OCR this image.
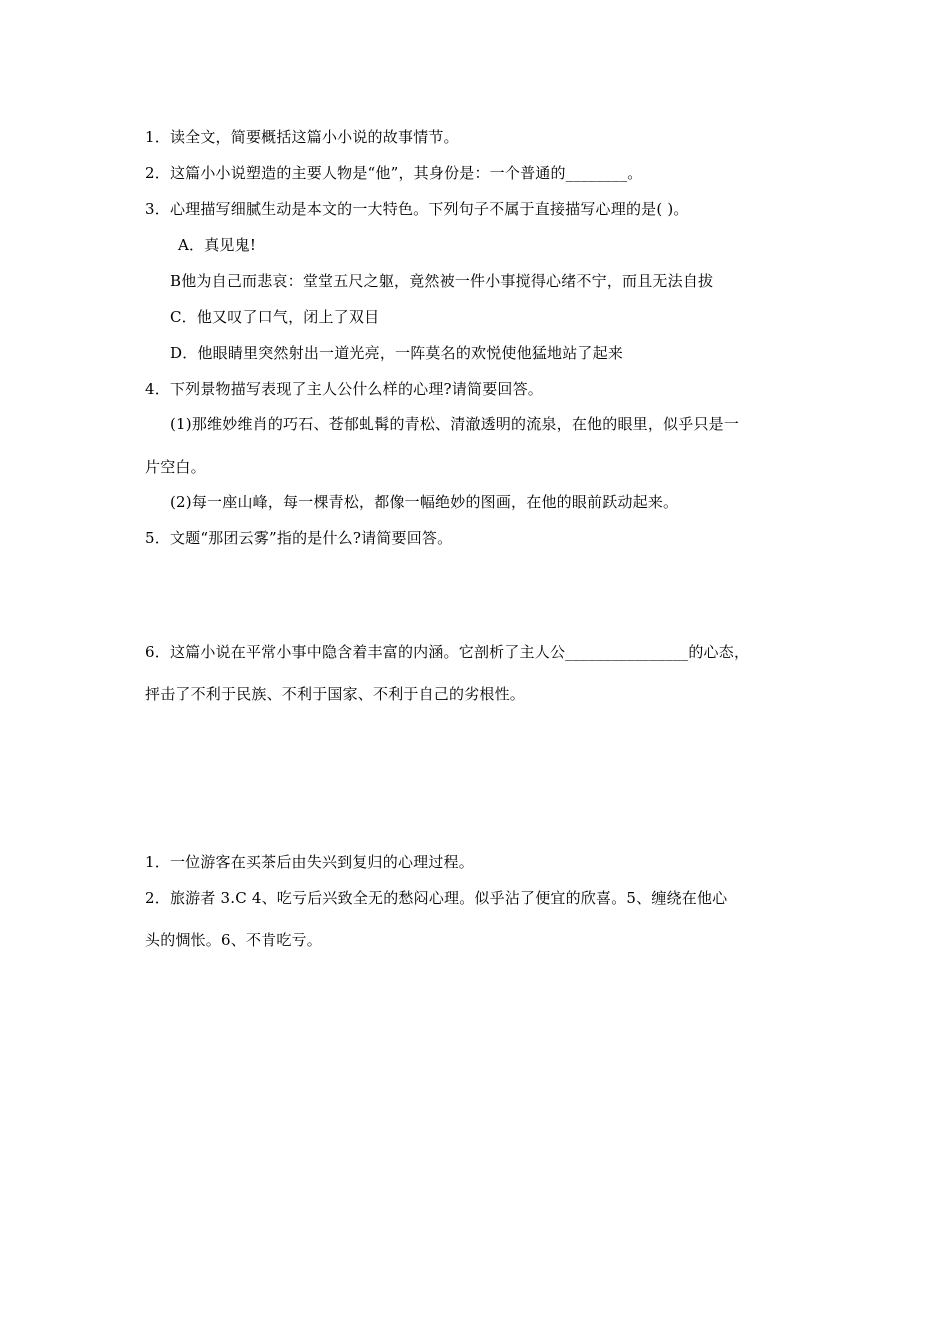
1．读全文，简要概括这篇小小说的故事情节。
2．这篇小小说塑造的主要人物是“他”，其身份是：一个普通的________。
3．心理描写细腻生动是本文的一大特色。下列句子不属于直接描写心理的是( )。
A．真见鬼!
B他为自己而悲哀：堂堂五尺之躯，竟然被一件小事搅得心绪不宁，而且无法自拔
C．他又叹了口气，闭上了双目
D．他眼睛里突然射出一道光亮，一阵莫名的欢悦使他猛地站了起来
4．下列景物描写表现了主人公什么样的心理?请简要回答。
(1)那维妙维肖的巧石、苍郁虬髯的青松、清澈透明的流泉，在他的眼里，似乎只是一
片空白。
(2)每一座山峰，每一棵青松，都像一幅绝妙的图画，在他的眼前跃动起来。
5．文题“那团云雾”指的是什么?请简要回答。
6．这篇小说在平常小事中隐含着丰富的内涵。它剖析了主人公________________的心态，
抨击了不利于民族、不利于国家、不利于自己的劣根性。
1．一位游客在买茶后由失兴到复归的心理过程。
2．旅游者 3.C 4、吃亏后兴致全无的愁闷心理。似乎沾了便宜的欣喜。5、缠绕在他心
头的惆怅。6、不肯吃亏。
